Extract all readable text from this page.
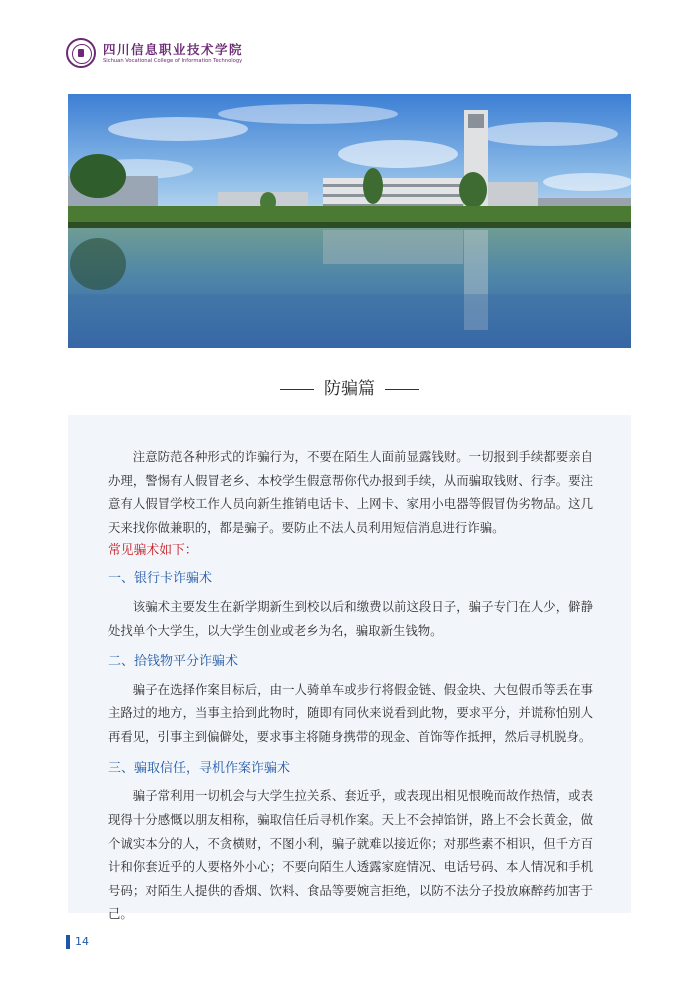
四川信息职业技术学院
Sichuan Vocational College of Information Technology
防骗篇

注意防范各种形式的诈骗行为，不要在陌生人面前显露钱财。一切报到手续都要亲自办理，警惕有人假冒老乡、本校学生假意帮你代办报到手续，从而骗取钱财、行李。要注意有人假冒学校工作人员向新生推销电话卡、上网卡、家用小电器等假冒伪劣物品。这几天来找你做兼职的，都是骗子。要防止不法人员利用短信消息进行诈骗。

常见骗术如下：

一、银行卡诈骗术

该骗术主要发生在新学期新生到校以后和缴费以前这段日子，骗子专门在人少，僻静处找单个大学生，以大学生创业或老乡为名，骗取新生钱物。

二、拾钱物平分诈骗术

骗子在选择作案目标后，由一人骑单车或步行将假金链、假金块、大包假币等丢在事主路过的地方，当事主拾到此物时，随即有同伙来说看到此物，要求平分，并谎称怕别人再看见，引事主到偏僻处，要求事主将随身携带的现金、首饰等作抵押，然后寻机脱身。

三、骗取信任，寻机作案诈骗术

骗子常利用一切机会与大学生拉关系、套近乎，或表现出相见恨晚而故作热情，或表现得十分感慨以朋友相称，骗取信任后寻机作案。天上不会掉馅饼，路上不会长黄金，做个诚实本分的人，不贪横财，不图小利，骗子就难以接近你；对那些素不相识，但千方百计和你套近乎的人要格外小心；不要向陌生人透露家庭情况、电话号码、本人情况和手机号码；对陌生人提供的香烟、饮料、食品等要婉言拒绝，以防不法分子投放麻醉药加害于己。

14
